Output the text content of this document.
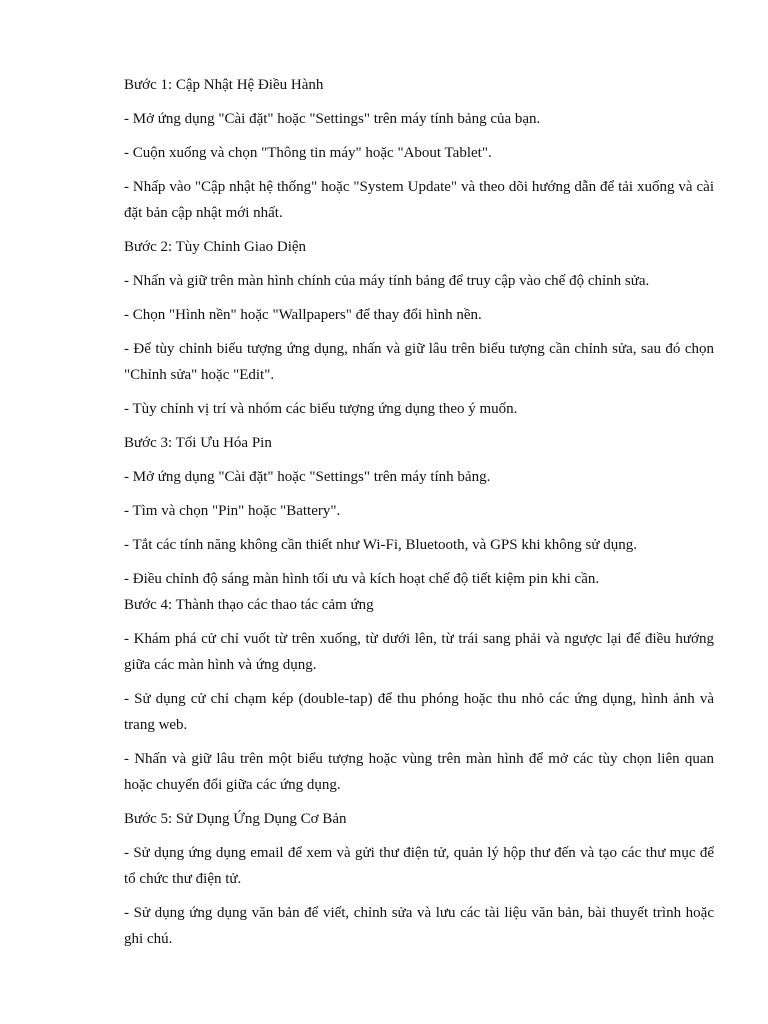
Bước 1: Cập Nhật Hệ Điều Hành

- Mở ứng dụng "Cài đặt" hoặc "Settings" trên máy tính bảng của bạn.

- Cuộn xuống và chọn "Thông tin máy" hoặc "About Tablet".

- Nhấp vào "Cập nhật hệ thống" hoặc "System Update" và theo dõi hướng dẫn để tải xuống và cài đặt bản cập nhật mới nhất.

Bước 2: Tùy Chỉnh Giao Diện

- Nhấn và giữ trên màn hình chính của máy tính bảng để truy cập vào chế độ chỉnh sửa.

- Chọn "Hình nền" hoặc "Wallpapers" để thay đổi hình nền.

- Để tùy chỉnh biểu tượng ứng dụng, nhấn và giữ lâu trên biểu tượng cần chỉnh sửa, sau đó chọn "Chỉnh sửa" hoặc "Edit".

- Tùy chỉnh vị trí và nhóm các biểu tượng ứng dụng theo ý muốn.

Bước 3: Tối Ưu Hóa Pin

- Mở ứng dụng "Cài đặt" hoặc "Settings" trên máy tính bảng.

- Tìm và chọn "Pin" hoặc "Battery".

- Tắt các tính năng không cần thiết như Wi-Fi, Bluetooth, và GPS khi không sử dụng.

- Điều chỉnh độ sáng màn hình tối ưu và kích hoạt chế độ tiết kiệm pin khi cần.

Bước 4: Thành thạo các thao tác cảm ứng

- Khám phá cử chỉ vuốt từ trên xuống, từ dưới lên, từ trái sang phải và ngược lại để điều hướng giữa các màn hình và ứng dụng.

- Sử dụng cử chỉ chạm kép (double-tap) để thu phóng hoặc thu nhỏ các ứng dụng, hình ảnh và trang web.

- Nhấn và giữ lâu trên một biểu tượng hoặc vùng trên màn hình để mở các tùy chọn liên quan hoặc chuyển đổi giữa các ứng dụng.

Bước 5: Sử Dụng Ứng Dụng Cơ Bản

- Sử dụng ứng dụng email để xem và gửi thư điện tử, quản lý hộp thư đến và tạo các thư mục để tổ chức thư điện tử.

- Sử dụng ứng dụng văn bản để viết, chỉnh sửa và lưu các tài liệu văn bản, bài thuyết trình hoặc ghi chú.
